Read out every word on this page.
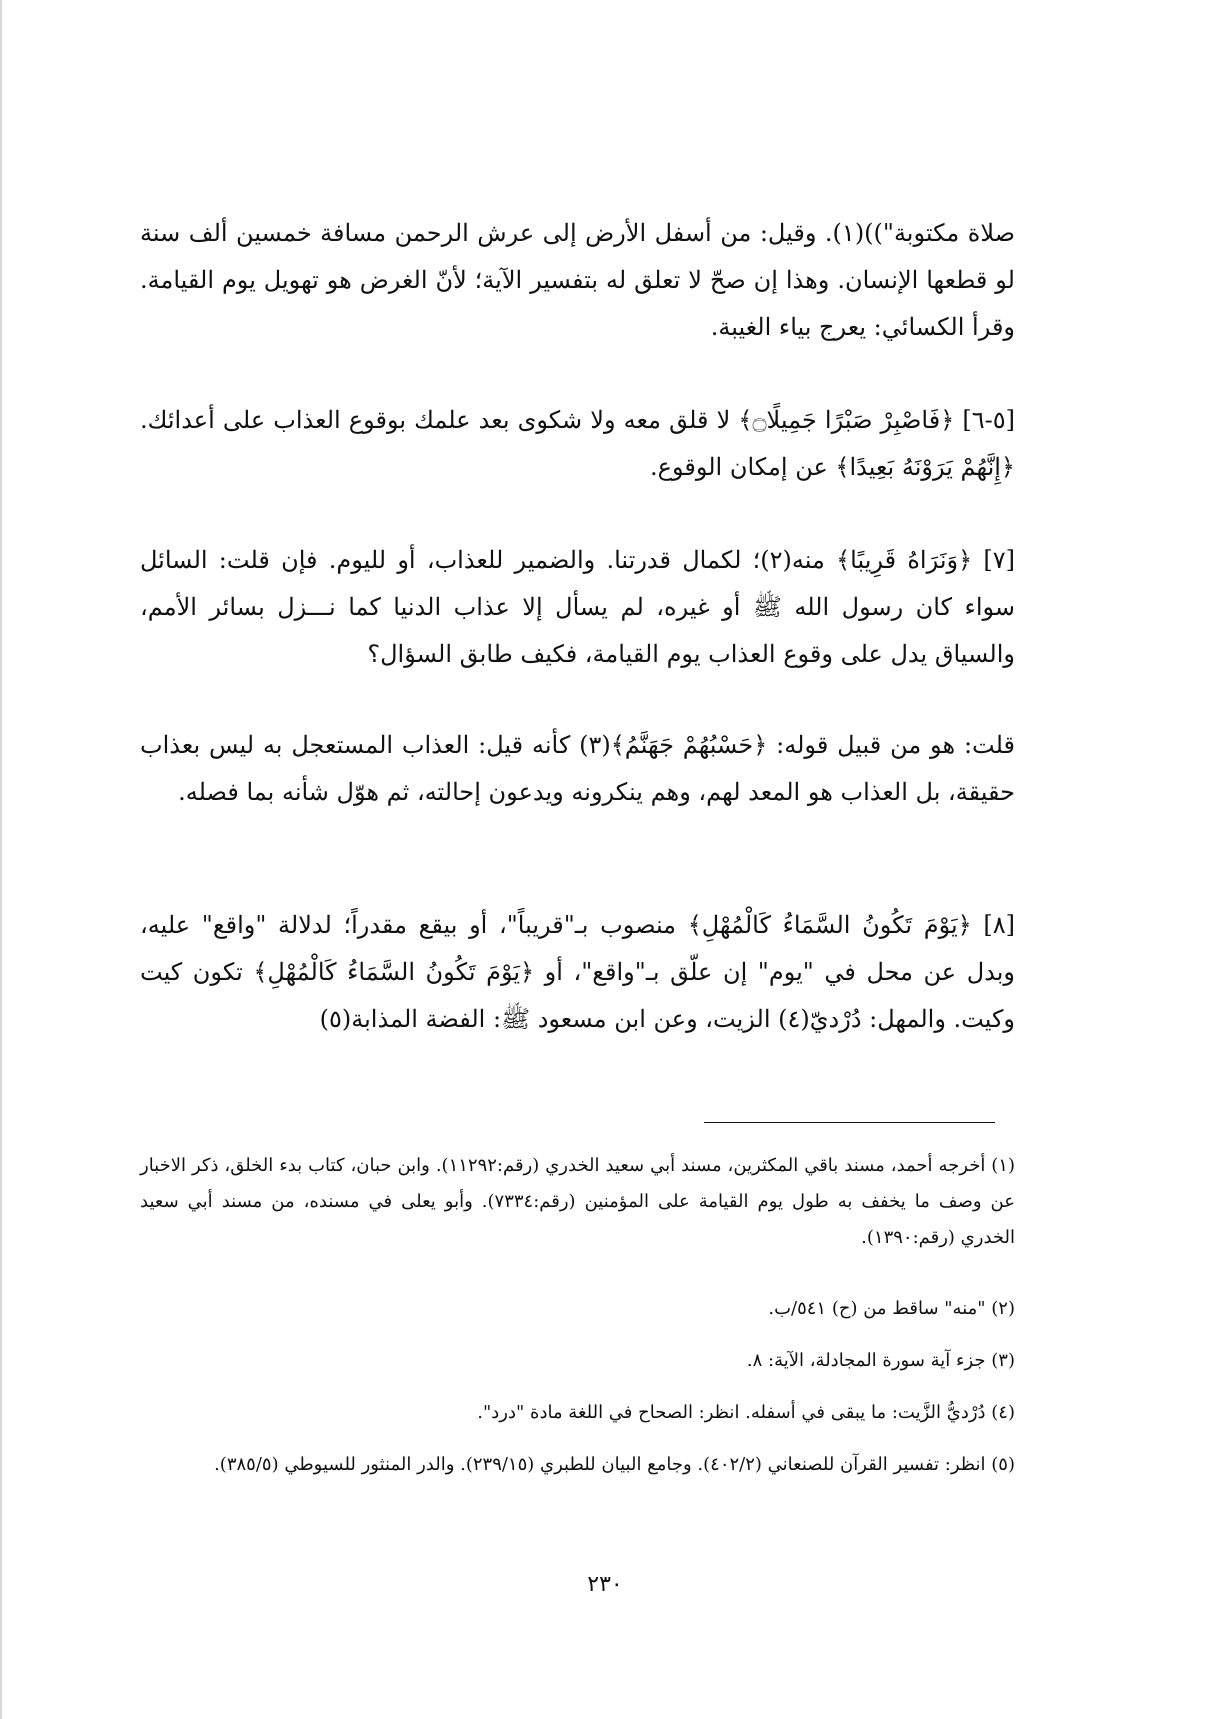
صلاة مكتوبة"))(١). وقيل: من أسفل الأرض إلى عرش الرحمن مسافة خمسين ألف سنة لو قطعها الإنسان. وهذا إن صحّ لا تعلق له بتفسير الآية؛ لأنّ الغرض هو تهويل يوم القيامة. وقرأ الكسائي: يعرج بياء الغيبة.

[٥-٦] ﴿فَاصْبِرْ صَبْرًا جَمِيلًا۝﴾ لا قلق معه ولا شكوى بعد علمك بوقوع العذاب على أعدائك. ﴿إِنَّهُمْ يَرَوْنَهُ بَعِيدًا﴾ عن إمكان الوقوع.

[٧] ﴿وَنَرَاهُ قَرِيبًا﴾ منه(٢)؛ لكمال قدرتنا. والضمير للعذاب، أو لليوم. فإن قلت: السائل سواء كان رسول الله ﷺ أو غيره، لم يسأل إلا عذاب الدنيا كما نـــزل بسائر الأمم، والسياق يدل على وقوع العذاب يوم القيامة، فكيف طابق السؤال؟

قلت: هو من قبيل قوله: ﴿حَسْبُهُمْ جَهَنَّمُ﴾(٣) كأنه قيل: العذاب المستعجل به ليس بعذاب حقيقة، بل العذاب هو المعد لهم، وهم ينكرونه ويدعون إحالته، ثم هوّل شأنه بما فصله.

[٨] ﴿يَوْمَ تَكُونُ السَّمَاءُ كَالْمُهْلِ﴾ منصوب بـ"قريباً"، أو بيقع مقدراً؛ لدلالة "واقع" عليه، وبدل عن محل في "يوم" إن علّق بـ"واقع"، أو ﴿يَوْمَ تَكُونُ السَّمَاءُ كَالْمُهْلِ﴾ تكون كيت وكيت. والمهل: دُرْديّ(٤) الزيت، وعن ابن مسعود ﷺ: الفضة المذابة(٥)

(١) أخرجه أحمد، مسند باقي المكثرين، مسند أبي سعيد الخدري (رقم:١١٢٩٢). وابن حبان، كتاب بدء الخلق، ذكر الاخبار عن وصف ما يخفف به طول يوم القيامة على المؤمنين (رقم:٧٣٣٤). وأبو يعلى في مسنده، من مسند أبي سعيد الخدري (رقم:١٣٩٠).

(٢) "منه" ساقط من (ح) ٥٤١/ب.

(٣) جزء آية سورة المجادلة، الآية: ٨.

(٤) دُرْديُّ الزَّيت: ما يبقى في أسفله. انظر: الصحاح في اللغة مادة "درد".

(٥) انظر: تفسير القرآن للصنعاني (٤٠٢/٢). وجامع البيان للطبري (٢٣٩/١٥). والدر المنثور للسيوطي (٣٨٥/٥).

٢٣٠
